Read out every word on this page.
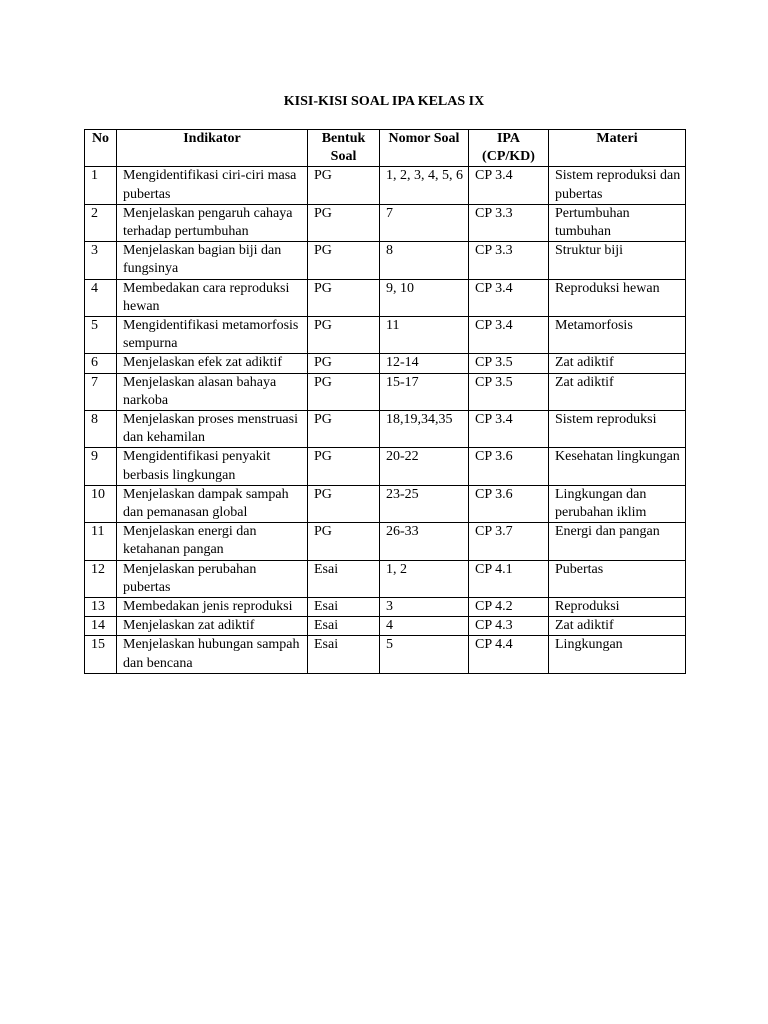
KISI-KISI SOAL IPA KELAS IX
No	Indikator	Bentuk Soal	Nomor Soal	IPA (CP/KD)	Materi
1	Mengidentifikasi ciri-ciri masa pubertas	PG	1, 2, 3, 4, 5, 6	CP 3.4	Sistem reproduksi dan pubertas
2	Menjelaskan pengaruh cahaya terhadap pertumbuhan	PG	7	CP 3.3	Pertumbuhan tumbuhan
3	Menjelaskan bagian biji dan fungsinya	PG	8	CP 3.3	Struktur biji
4	Membedakan cara reproduksi hewan	PG	9, 10	CP 3.4	Reproduksi hewan
5	Mengidentifikasi metamorfosis sempurna	PG	11	CP 3.4	Metamorfosis
6	Menjelaskan efek zat adiktif	PG	12-14	CP 3.5	Zat adiktif
7	Menjelaskan alasan bahaya narkoba	PG	15-17	CP 3.5	Zat adiktif
8	Menjelaskan proses menstruasi dan kehamilan	PG	18,19,34,35	CP 3.4	Sistem reproduksi
9	Mengidentifikasi penyakit berbasis lingkungan	PG	20-22	CP 3.6	Kesehatan lingkungan
10	Menjelaskan dampak sampah dan pemanasan global	PG	23-25	CP 3.6	Lingkungan dan perubahan iklim
11	Menjelaskan energi dan ketahanan pangan	PG	26-33	CP 3.7	Energi dan pangan
12	Menjelaskan perubahan pubertas	Esai	1, 2	CP 4.1	Pubertas
13	Membedakan jenis reproduksi	Esai	3	CP 4.2	Reproduksi
14	Menjelaskan zat adiktif	Esai	4	CP 4.3	Zat adiktif
15	Menjelaskan hubungan sampah dan bencana	Esai	5	CP 4.4	Lingkungan
